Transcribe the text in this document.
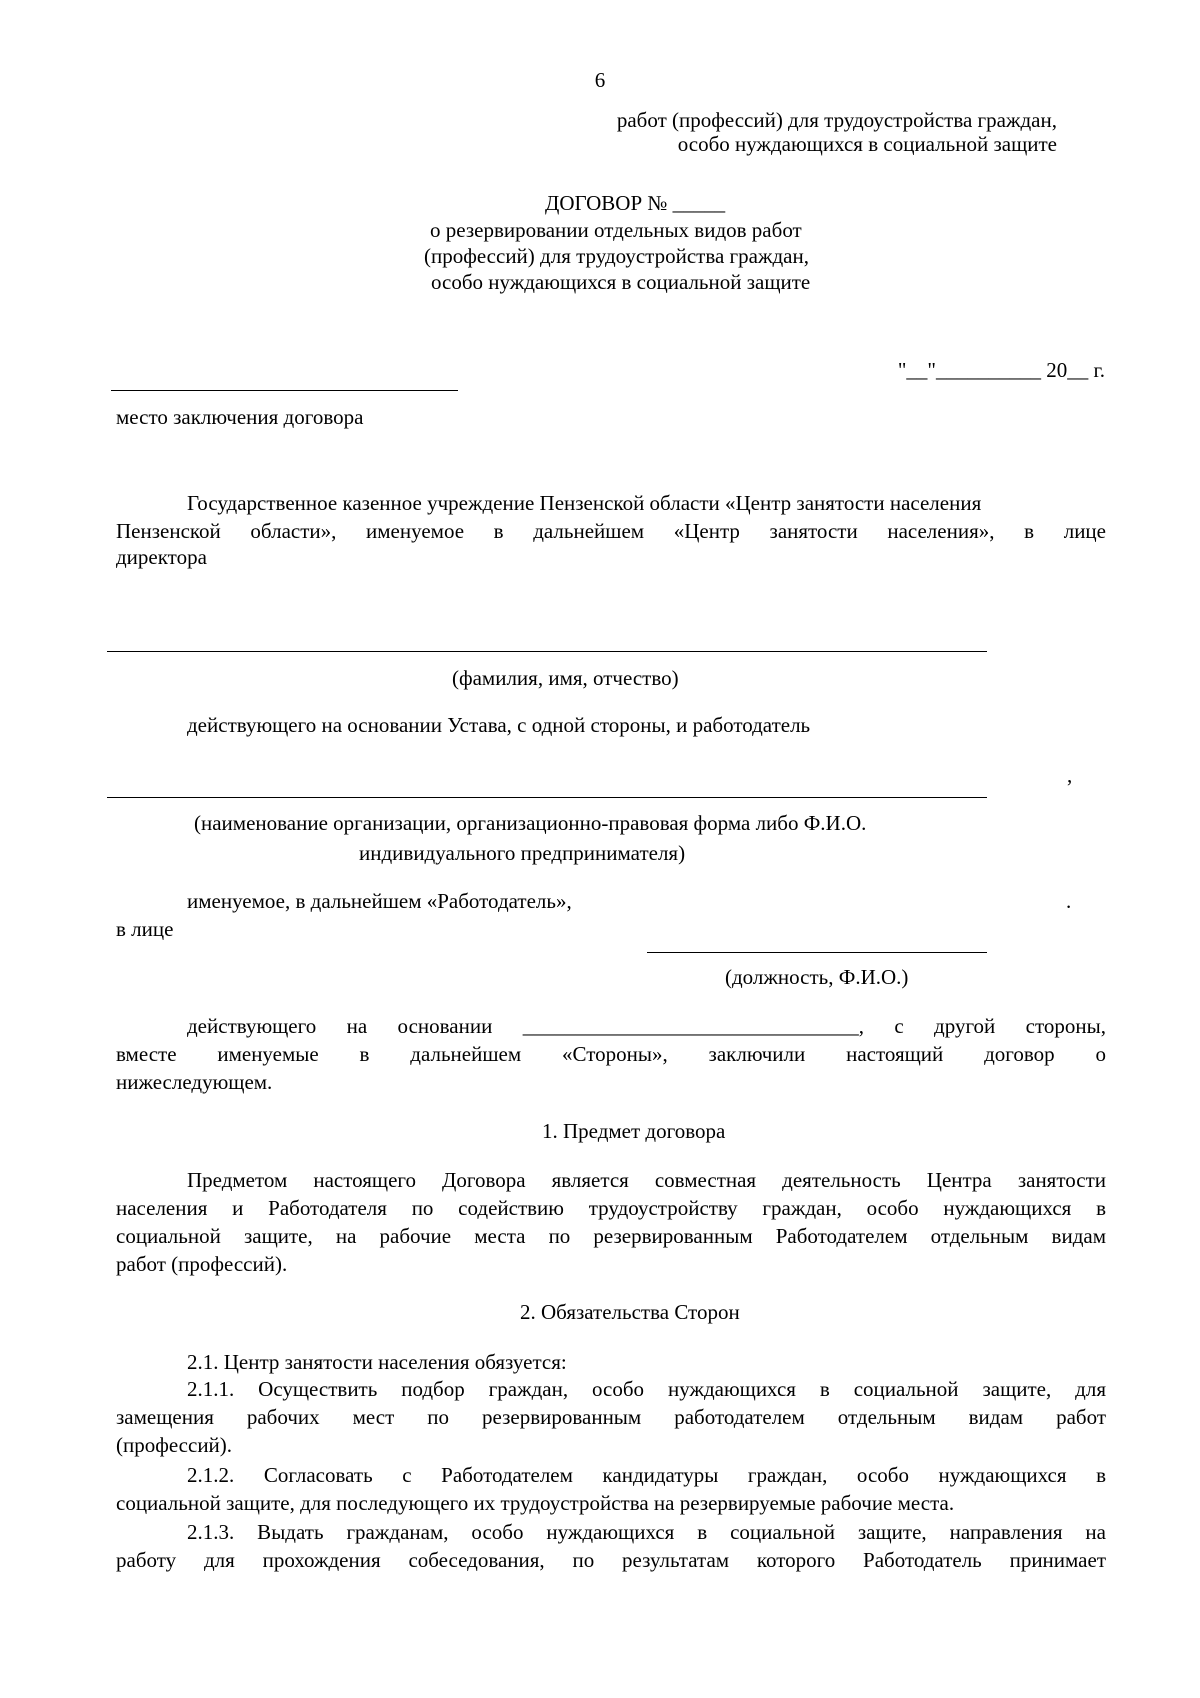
6
работ (профессий) для трудоустройства граждан,
особо нуждающихся в социальной защите
ДОГОВОР № _____
о резервировании отдельных видов работ
(профессий) для трудоустройства граждан,
особо нуждающихся в социальной защите
"__"__________ 20__ г.
место заключения договора
Государственное казенное учреждение Пензенской области «Центр занятости населения
Пензенской области», именуемое в дальнейшем «Центр занятости населения», в лице
директора
(фамилия, имя, отчество)
действующего на основании Устава, с одной стороны, и работодатель
,
(наименование организации, организационно-правовая форма либо Ф.И.О.
индивидуального предпринимателя)
именуемое, в дальнейшем «Работодатель»,	.
в лице
(должность, Ф.И.О.)
действующего на основании ________________________________, с другой стороны,
вместе именуемые в дальнейшем «Стороны», заключили настоящий договор о
нижеследующем.
1. Предмет договора
Предметом настоящего Договора является совместная деятельность Центра занятости
населения и Работодателя по содействию трудоустройству граждан, особо нуждающихся в
социальной защите, на рабочие места по резервированным Работодателем отдельным видам
работ (профессий).
2. Обязательства Сторон
2.1. Центр занятости населения обязуется:
2.1.1. Осуществить подбор граждан, особо нуждающихся в социальной защите, для
замещения рабочих мест по резервированным работодателем отдельным видам работ
(профессий).
2.1.2. Согласовать с Работодателем кандидатуры граждан, особо нуждающихся в
социальной защите, для последующего их трудоустройства на резервируемые рабочие места.
2.1.3. Выдать гражданам, особо нуждающихся в социальной защите, направления на
работу для прохождения собеседования, по результатам которого Работодатель принимает
